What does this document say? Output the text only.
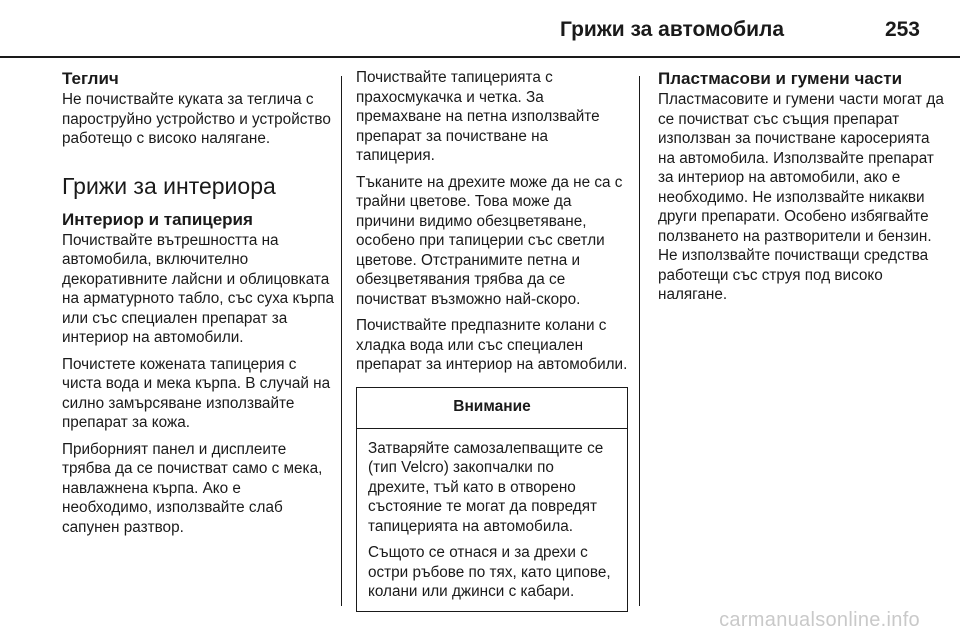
Грижи за автомобила	253
Теглич

Не почиствайте куката за теглича с пароструйно устройство и устройство работещо с високо налягане.

Грижи за интериора
Интериор и тапицерия

Почиствайте вътрешността на автомобила, включително декоративните лайсни и облицовката на арматурното табло, със суха кърпа или със специален препарат за интериор на автомобили.

Почистете кожената тапицерия с чиста вода и мека кърпа. В случай на силно замърсяване използвайте препарат за кожа.

Приборният панел и дисплеите трябва да се почистват само с мека, навлажнена кърпа. Ако е необходимо, използвайте слаб сапунен разтвор.

Почиствайте тапицерията с прахосмукачка и четка. За премахване на петна използвайте препарат за почистване на тапицерия.

Тъканите на дрехите може да не са с трайни цветове. Това може да причини видимо обезцветяване, особено при тапицерии със светли цветове. Отстранимите петна и обезцветявания трябва да се почистват възможно най-скоро.

Почиствайте предпазните колани с хладка вода или със специален препарат за интериор на автомобили.

Внимание

Затваряйте самозалепващите се (тип Velcro) закопчалки по дрехите, тъй като в отворено състояние те могат да повредят тапицерията на автомобила.

Същото се отнася и за дрехи с остри ръбове по тях, като ципове, колани или джинси с кабари.

Пластмасови и гумени части

Пластмасовите и гумени части могат да се почистват със същия препарат използван за почистване каросерията на автомобила. Използвайте препарат за интериор на автомобили, ако е необходимо. Не използвайте никакви други препарати. Особено избягвайте ползването на разтворители и бензин. Не използвайте почистващи средства работещи със струя под високо налягане.

carmanualsonline.info
